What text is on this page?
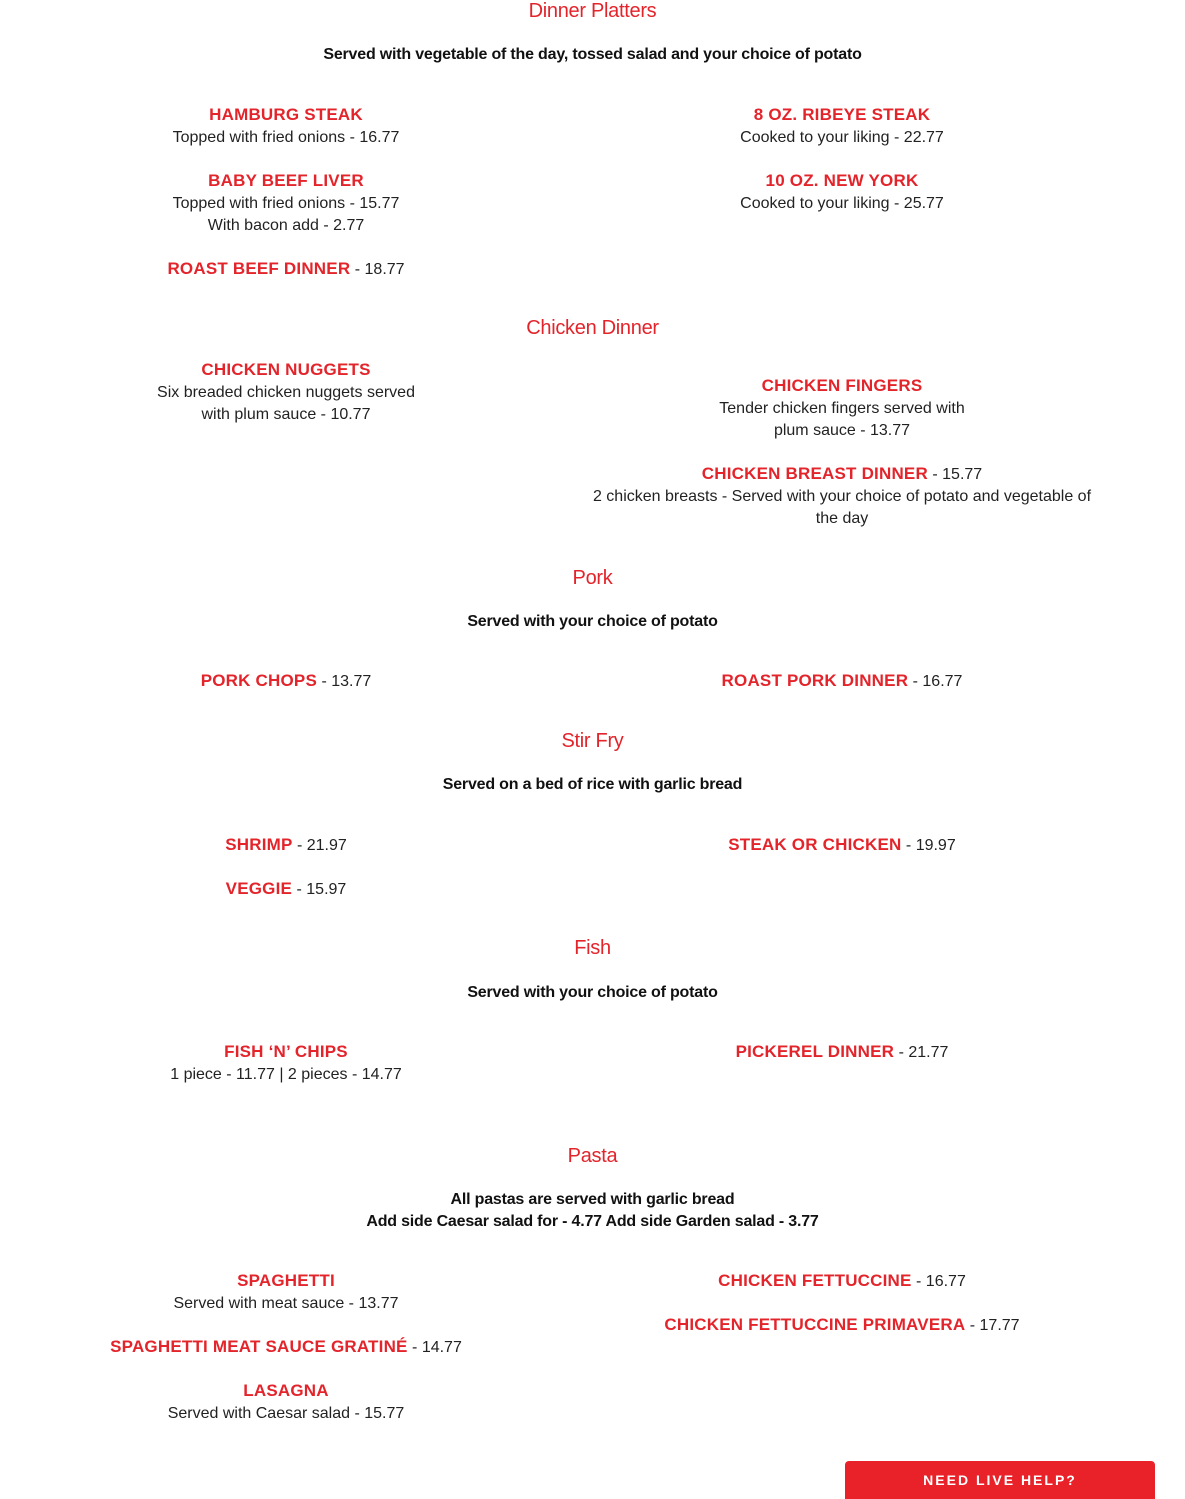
Dinner Platters
Served with vegetable of the day, tossed salad and your choice of potato
HAMBURG STEAK
Topped with fried onions - 16.77
BABY BEEF LIVER
Topped with fried onions - 15.77
With bacon add - 2.77
ROAST BEEF DINNER - 18.77
8 OZ. RIBEYE STEAK
Cooked to your liking - 22.77
10 OZ. NEW YORK
Cooked to your liking - 25.77
Chicken Dinner
CHICKEN NUGGETS
Six breaded chicken nuggets served
with plum sauce - 10.77
CHICKEN FINGERS
Tender chicken fingers served with
plum sauce - 13.77
CHICKEN BREAST DINNER - 15.77
2 chicken breasts - Served with your choice of potato and vegetable of the day
Pork
Served with your choice of potato
PORK CHOPS - 13.77	ROAST PORK DINNER - 16.77
Stir Fry
Served on a bed of rice with garlic bread
SHRIMP - 21.97
VEGGIE - 15.97
STEAK OR CHICKEN - 19.97
Fish
Served with your choice of potato
FISH ‘N’ CHIPS
1 piece - 11.77 | 2 pieces - 14.77
PICKEREL DINNER - 21.77
Pasta
All pastas are served with garlic bread
Add side Caesar salad for - 4.77 Add side Garden salad - 3.77
SPAGHETTI
Served with meat sauce - 13.77
SPAGHETTI MEAT SAUCE GRATINÉ - 14.77
LASAGNA
Served with Caesar salad - 15.77
CHICKEN FETTUCCINE - 16.77
CHICKEN FETTUCCINE PRIMAVERA - 17.77
NEED LIVE HELP?
